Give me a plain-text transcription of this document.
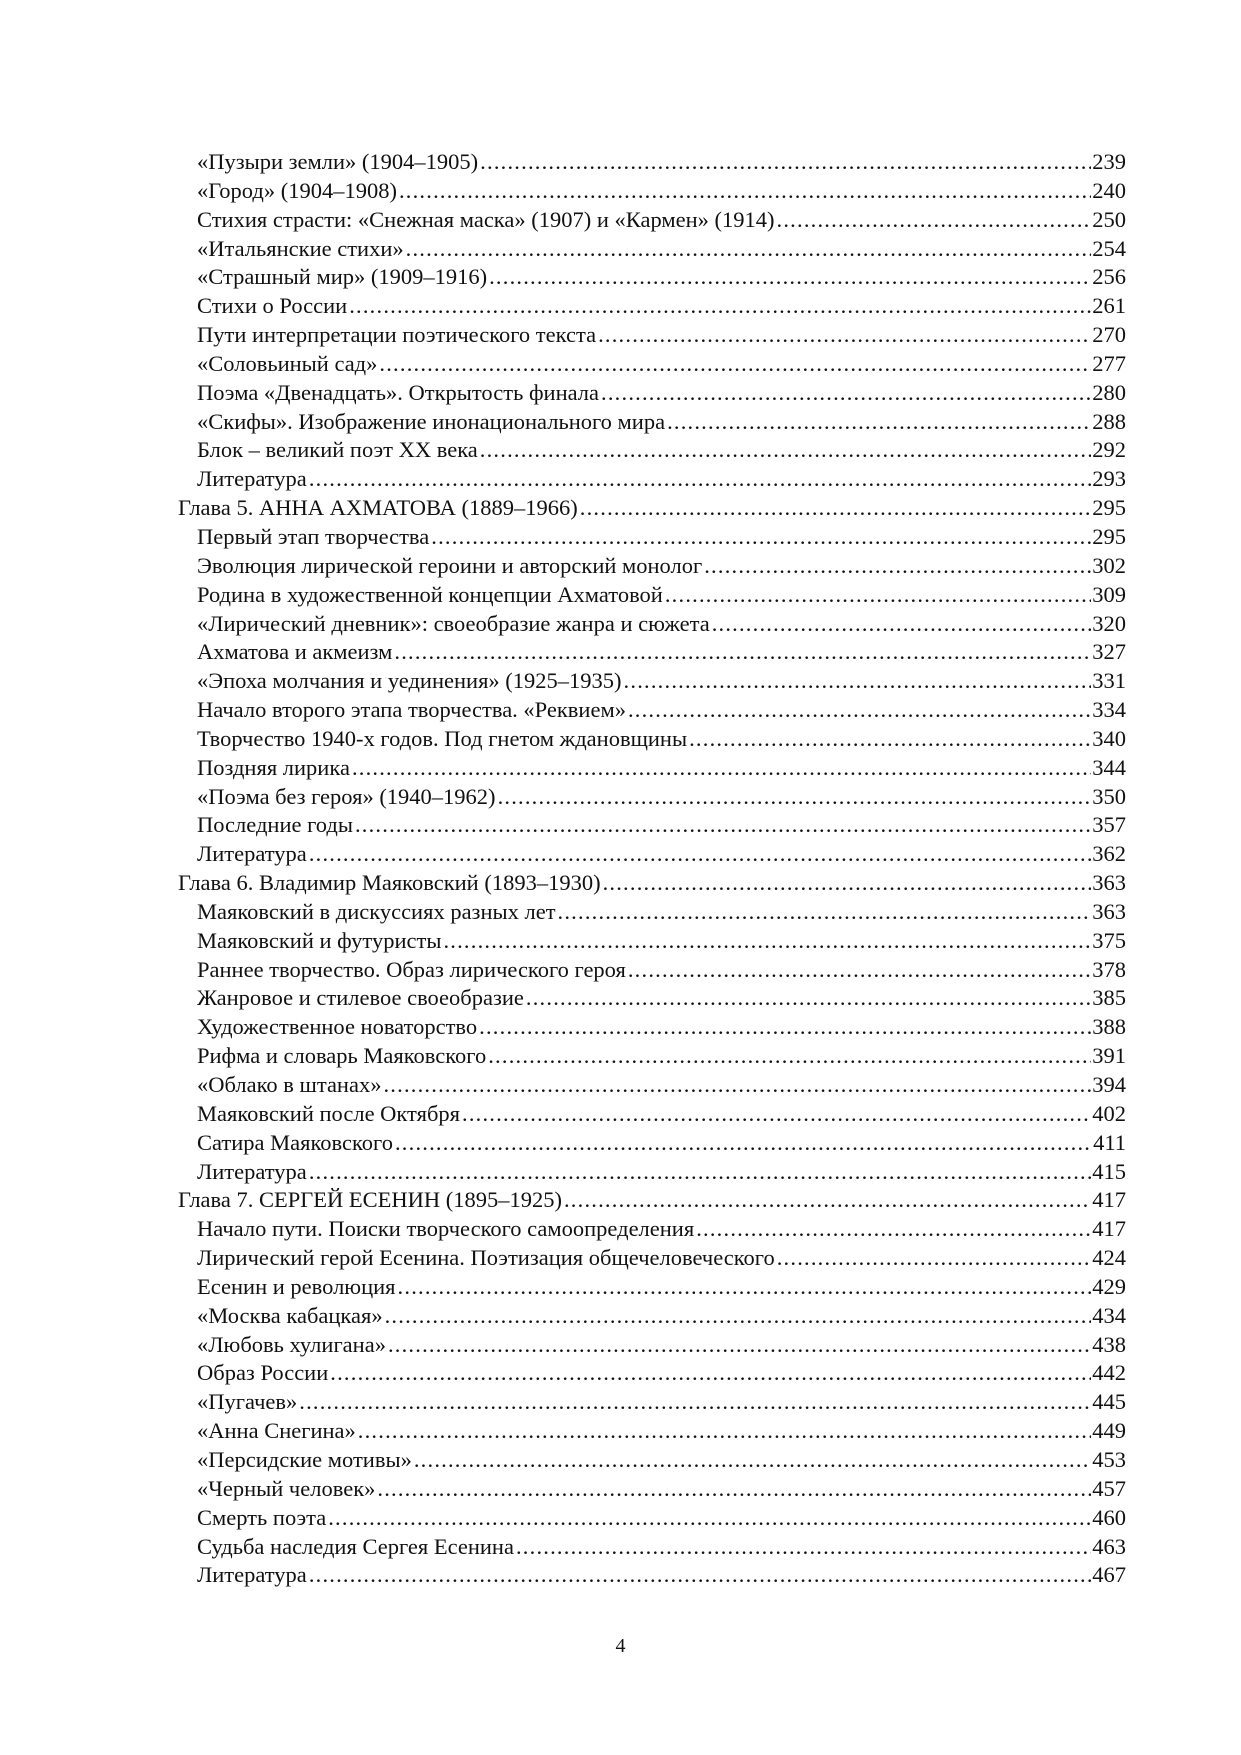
«Пузыри земли» (1904–1905) .....	239
«Город» (1904–1908) .....	240
Стихия страсти: «Снежная маска» (1907) и «Кармен» (1914) .....	250
«Итальянские стихи» .....	254
«Страшный мир» (1909–1916) .....	256
Стихи о России .....	261
Пути интерпретации поэтического текста .....	270
«Соловьиный сад» .....	277
Поэма «Двенадцать». Открытость финала .....	280
«Скифы». Изображение инонационального мира .....	288
Блок – великий поэт XX века .....	292
Литература .....	293
Глава 5. АННА АХМАТОВА (1889–1966) .....	295
Первый этап творчества .....	295
Эволюция лирической героини и авторский монолог .....	302
Родина в художественной концепции Ахматовой .....	309
«Лирический дневник»: своеобразие жанра и сюжета .....	320
Ахматова и акмеизм .....	327
«Эпоха молчания и уединения» (1925–1935) .....	331
Начало второго этапа творчества. «Реквием» .....	334
Творчество 1940-х годов. Под гнетом ждановщины .....	340
Поздняя лирика .....	344
«Поэма без героя» (1940–1962) .....	350
Последние годы .....	357
Литература .....	362
Глава 6. Владимир Маяковский (1893–1930) .....	363
Маяковский в дискуссиях разных лет .....	363
Маяковский и футуристы .....	375
Раннее творчество. Образ лирического героя .....	378
Жанровое и стилевое своеобразие .....	385
Художественное новаторство .....	388
Рифма и словарь Маяковского .....	391
«Облако в штанах» .....	394
Маяковский после Октября .....	402
Сатира Маяковского .....	411
Литература .....	415
Глава 7. СЕРГЕЙ ЕСЕНИН (1895–1925) .....	417
Начало пути. Поиски творческого самоопределения .....	417
Лирический герой Есенина. Поэтизация общечеловеческого .....	424
Есенин и революция .....	429
«Москва кабацкая» .....	434
«Любовь хулигана» .....	438
Образ России .....	442
«Пугачев» .....	445
«Анна Снегина» .....	449
«Персидские мотивы» .....	453
«Черный человек» .....	457
Смерть поэта .....	460
Судьба наследия Сергея Есенина .....	463
Литература .....	467
4
